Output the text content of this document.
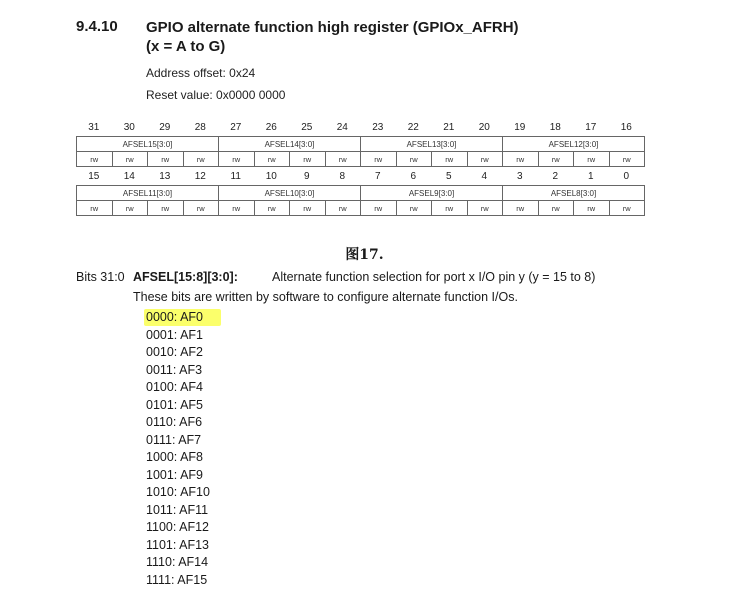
9.4.10 GPIO alternate function high register (GPIOx_AFRH)
(x = A to G)
Address offset: 0x24
Reset value: 0x0000 0000
31	30	29	28	27	26	25	24	23	22	21	20	19	18	17	16
AFSEL15[3:0]	AFSEL14[3:0]	AFSEL13[3:0]	AFSEL12[3:0]
rw	rw	rw	rw	rw	rw	rw	rw	rw	rw	rw	rw	rw	rw	rw	rw
15	14	13	12	11	10	9	8	7	6	5	4	3	2	1	0
AFSEL11[3:0]	AFSEL10[3:0]	AFSEL9[3:0]	AFSEL8[3:0]
rw	rw	rw	rw	rw	rw	rw	rw	rw	rw	rw	rw	rw	rw	rw	rw
图17.
Bits 31:0 AFSEL[15:8][3:0]:	Alternate function selection for port x I/O pin y (y = 15 to 8)
These bits are written by software to configure alternate function I/Os.
0000: AF0
0001: AF1
0010: AF2
0011: AF3
0100: AF4
0101: AF5
0110: AF6
0111: AF7
1000: AF8
1001: AF9
1010: AF10
1011: AF11
1100: AF12
1101: AF13
1110: AF14
1111: AF15
